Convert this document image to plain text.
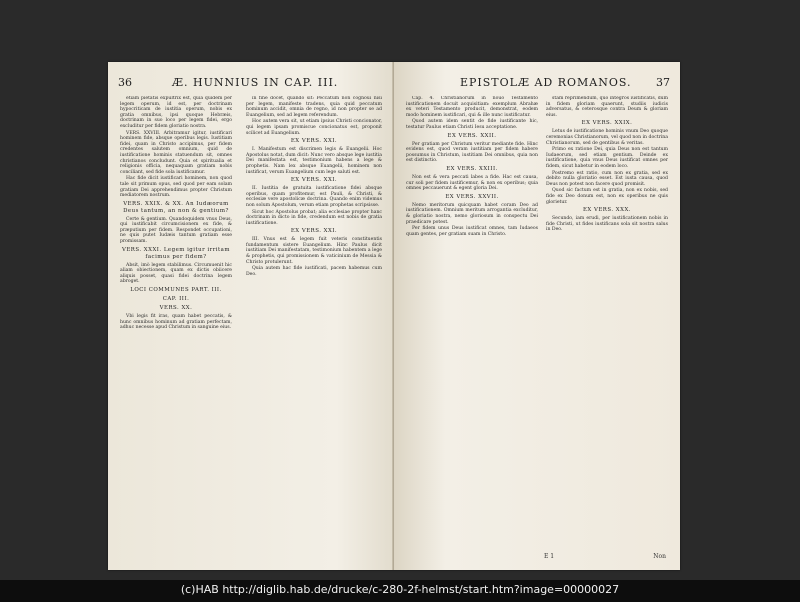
36	Æ. HUNNIUS IN CAP. III.

etiam pietatis expultrix est, quia quidem per legem operum, id est, per doctrinam hypocriticam de iustitia operum, nobis ex gratia omnibus, ipsi quoque Hebræis, doctrinam in suo loco per legem fidei, ergo excluditur per fidem gloriatio nostra.

VERS. XXVIII. Arbitramur igitur, iustificari hominem fide, absque operibus legis. Iustitiam fidei, quam in Christo accipimus, per fidem credentes salutem omnium, quid de iustificatione hominis statuendum sit, omnes christianos concludunt. Quia et spiritualia et religionis officia, nequaquam gratiam nobis conciliant, sed fide sola iustificamur.

Hac fide dicit iustificari hominem, non quod tale sit primum opus, sed quod per eam solam gratiam Dei apprehendimus propter Christum mediatorem nostrum.

VERS. XXIX. & XX. An Iudæorum Deus tantum, an non & gentium?

Certe & gentium. Quandoquidem vnus Deus, qui iustificabit circumcisionem ex fide, & præputium per fidem. Respondet occupationi, ne quis putet Iudæis tantum gratiam esse promissam.

VERS. XXXI. Legem igitur irritam facimus per fidem?

Absit, imò legem stabilimus. Circumuenit hic aliam obiectionem, quam ex dictis obiicere aliquis posset, quasi fidei doctrina legem abroget.

LOCI COMMUNES PART. III.
CAP. III.
VERS. XX.

Vbi legis fit iras, quam habet peccatis, & hunc omnibus hominum ad gratiam perfectam, adhuc necesse apud Christum in sanguine eius.

in fine docet, quando sit: Peccatum non cognoui nisi per legem, manifeste tradens, quia quid peccatum hominum accidit, omnia de regno, id non propter se ad Euangelium, sed ad legem referendum.

Hoc autem vera sit, ut etiam ipsius Christi concionator, qui legem ipsam promiscue concionatus est, proponit scilicet ad Euangelium.

EX VERS. XXI.

I. Manifestum est discrimen legis & Euangelii. Hoc Apostolus notat, dum dicit: Nunc vero absque lege iustitia Dei manifestata est, testimonium habens a lege & prophetis. Nam lex absque Euangelii, hominem non iustificat, verum Euangelium cum lege saluti est.

EX VERS. XXI.

II. Iustitia de gratuita iustificatione fidei absque operibus, quam profitemur, est Pauli, & Christi, & ecclesiæ vere apostolicæ doctrina. Quando enim videmus non solum Apostolum, verum etiam prophetas scripsisse.

Sicut hoc Apostolus probat; alia ecclesiae propter hanc doctrinam in dicto in fide, credendum est nobis de gratia iustificatione.

EX VERS. XXI.

III. Vnus est & legem fuit veteris constituentis fundamentum sistere Euangelium. Hinc Paulus dicit iustitiam Dei manifestatam, testimonium habentem a lege & prophetis, qui promissionem & vaticinium de Messia & Christo protulerunt.

Quia autem hac fide iustificati, pacem habemus cum Deo.

EPISTOLÆ AD ROMANOS. 37

Cap. 4. Christianorum in nouo Testamento iustificationem docuit acquisitiam: exemplum Abrahæ ex veteri Testamento producit, demonstrat, eodem modo hominem iustificari, qui & ille nunc iustificatur.

Quod autem idem sentit de fide iustificante hic, testatur Paulus etiam Christi Iesu acceptatione.

EX VERS. XXII.

Per gratiam per Christum veritur mediante fide. Hinc evidens est, quod veram iustitiam per fidem habere possumus in Christum, iustitiam Dei omnibus, quia non est distinctio.

EX VERS. XXIII.

Non est & vera peccati labes a fide. Hac est causa, cur soli per fidem iustificemur, & non ex operibus; quia omnes peccauerunt & egent gloria Dei.

EX VERS. XXVII.

Nemo meritorum quicquam habet coram Deo ad iustificationem. Omnium meritum arrogantia excluditur, & gloriatio nostra, nemo gloriosum in conspectu Dei praedicare potest.

Per fidem unus Deus iustificat omnes, tam Iudaeos quam gentes, per gratiam suam in Christo.

stam reprimendum, quo integros iustificatis, dum in fidem gloriam quaerunt, studiis iudicis adversatus, & ceterosque contra Deum & gloriam eius.

EX VERS. XXIX.

Letus de iustificatione hominis vnum Deo quoque ceremonias Christianorum, vel quod non in doctrina Christianorum, sed de gentibus & veritas.

Primo ex ratione Dei, quia Deus non est tantum Iudaeorum, sed etiam gentium. Deinde ex iustificatione, quia vnus Deus iustificat omnes per fidem, sicut habetur in eodem loco.

Postremo est ratio, cum non ex gratia, sed ex debito nulla gloriatio esset. Est iusta causa, quod Deus non potest non facere quod promisit.

Quod sic factum est in gratia, non ex nobis, sed fide ex Deo donum est, non ex operibus ne quis glorietur.

EX VERS. XXX.

Secundo, iam erudi, per iustificationem nobis in fide Christi, ut fides iustificans sola sit nostra salus in Deo.

E 1	Non
(c)HAB http://diglib.hab.de/drucke/c-280-2f-helmst/start.htm?image=00000027
